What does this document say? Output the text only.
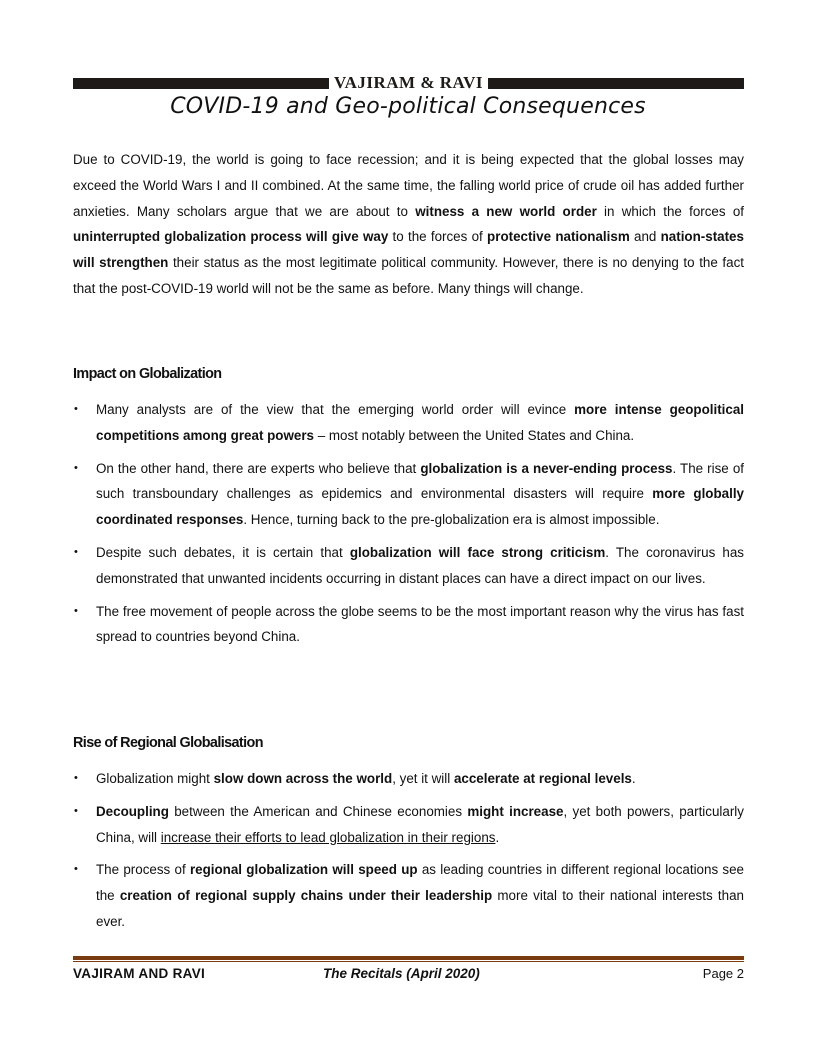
VAJIRAM & RAVI
COVID-19 and Geo-political Consequences

Due to COVID-19, the world is going to face recession; and it is being expected that the global losses may exceed the World Wars I and II combined. At the same time, the falling world price of crude oil has added further anxieties. Many scholars argue that we are about to witness a new world order in which the forces of uninterrupted globalization process will give way to the forces of protective nationalism and nation-states will strengthen their status as the most legitimate political community. However, there is no denying to the fact that the post-COVID-19 world will not be the same as before. Many things will change.

Impact on Globalization
• Many analysts are of the view that the emerging world order will evince more intense geopolitical competitions among great powers – most notably between the United States and China.
• On the other hand, there are experts who believe that globalization is a never-ending process. The rise of such transboundary challenges as epidemics and environmental disasters will require more globally coordinated responses. Hence, turning back to the pre-globalization era is almost impossible.
• Despite such debates, it is certain that globalization will face strong criticism. The coronavirus has demonstrated that unwanted incidents occurring in distant places can have a direct impact on our lives.
• The free movement of people across the globe seems to be the most important reason why the virus has fast spread to countries beyond China.
Rise of Regional Globalisation
• Globalization might slow down across the world, yet it will accelerate at regional levels.
• Decoupling between the American and Chinese economies might increase, yet both powers, particularly China, will increase their efforts to lead globalization in their regions.
• The process of regional globalization will speed up as leading countries in different regional locations see the creation of regional supply chains under their leadership more vital to their national interests than ever.
VAJIRAM AND RAVI	The Recitals (April 2020)	Page 2
